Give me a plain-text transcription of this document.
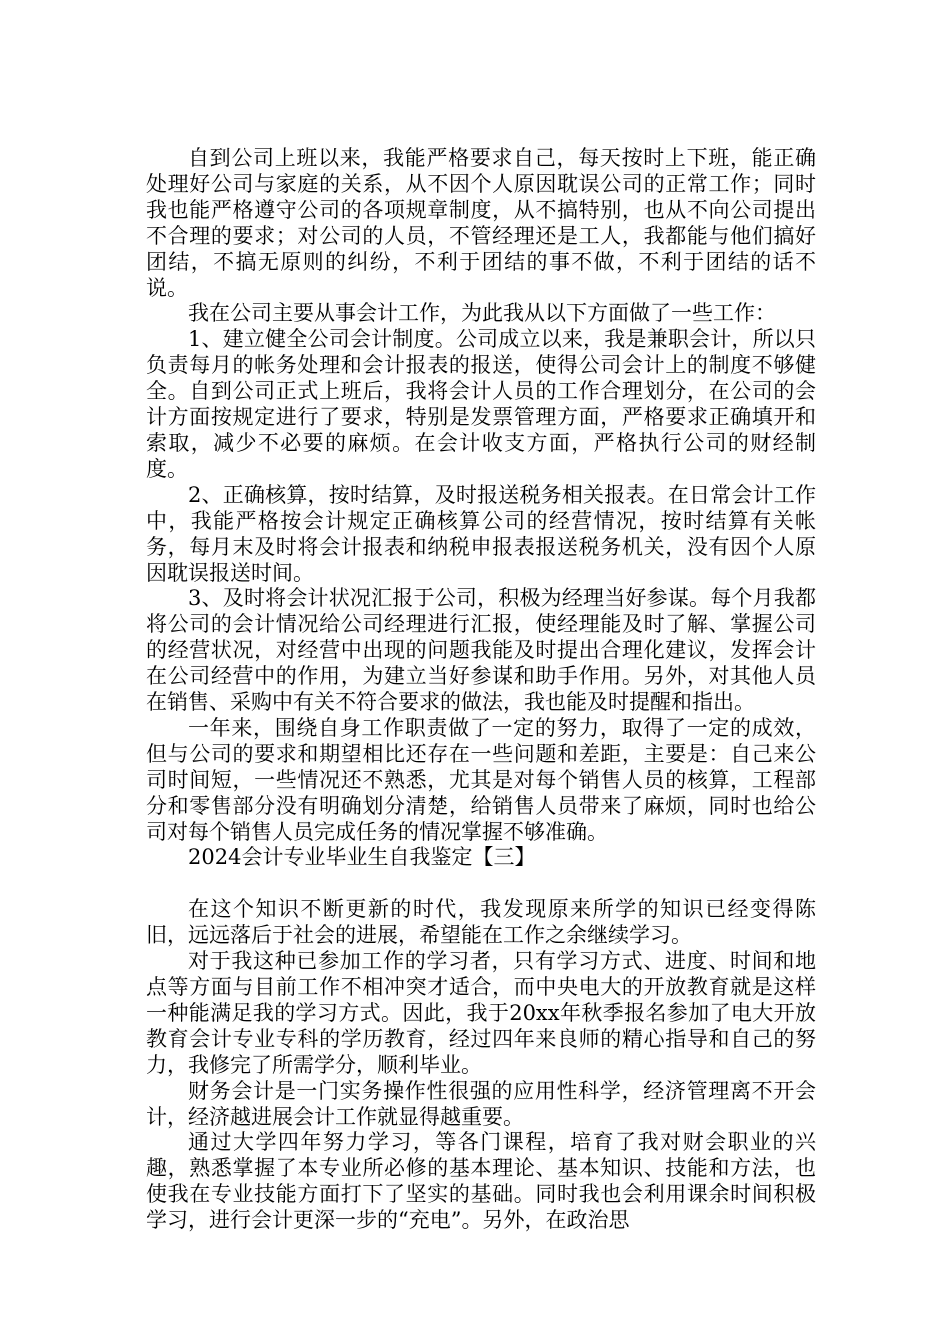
自到公司上班以来，我能严格要求自己，每天按时上下班，能正确处理好公司与家庭的关系，从不因个人原因耽误公司的正常工作；同时我也能严格遵守公司的各项规章制度，从不搞特别，也从不向公司提出不合理的要求；对公司的人员，不管经理还是工人，我都能与他们搞好团结，不搞无原则的纠纷，不利于团结的事不做，不利于团结的话不说。

我在公司主要从事会计工作，为此我从以下方面做了一些工作：

1、建立健全公司会计制度。公司成立以来，我是兼职会计，所以只负责每月的帐务处理和会计报表的报送，使得公司会计上的制度不够健全。自到公司正式上班后，我将会计人员的工作合理划分，在公司的会计方面按规定进行了要求，特别是发票管理方面，严格要求正确填开和索取，减少不必要的麻烦。在会计收支方面，严格执行公司的财经制度。

2、正确核算，按时结算，及时报送税务相关报表。在日常会计工作中，我能严格按会计规定正确核算公司的经营情况，按时结算有关帐务，每月末及时将会计报表和纳税申报表报送税务机关，没有因个人原因耽误报送时间。

3、及时将会计状况汇报于公司，积极为经理当好参谋。每个月我都将公司的会计情况给公司经理进行汇报，使经理能及时了解、掌握公司的经营状况，对经营中出现的问题我能及时提出合理化建议，发挥会计在公司经营中的作用，为建立当好参谋和助手作用。另外，对其他人员在销售、采购中有关不符合要求的做法，我也能及时提醒和指出。

一年来，围绕自身工作职责做了一定的努力，取得了一定的成效，但与公司的要求和期望相比还存在一些问题和差距，主要是：自己来公司时间短，一些情况还不熟悉，尤其是对每个销售人员的核算，工程部分和零售部分没有明确划分清楚，给销售人员带来了麻烦，同时也给公司对每个销售人员完成任务的情况掌握不够准确。

2024会计专业毕业生自我鉴定【三】

在这个知识不断更新的时代，我发现原来所学的知识已经变得陈旧，远远落后于社会的进展，希望能在工作之余继续学习。

对于我这种已参加工作的学习者，只有学习方式、进度、时间和地点等方面与目前工作不相冲突才适合，而中央电大的开放教育就是这样一种能满足我的学习方式。因此，我于20xx年秋季报名参加了电大开放教育会计专业专科的学历教育，经过四年来良师的精心指导和自己的努力，我修完了所需学分，顺利毕业。

财务会计是一门实务操作性很强的应用性科学，经济管理离不开会计，经济越进展会计工作就显得越重要。

通过大学四年努力学习，等各门课程，培育了我对财会职业的兴趣，熟悉掌握了本专业所必修的基本理论、基本知识、技能和方法，也使我在专业技能方面打下了坚实的基础。同时我也会利用课余时间积极学习，进行会计更深一步的“充电”。另外，在政治思
